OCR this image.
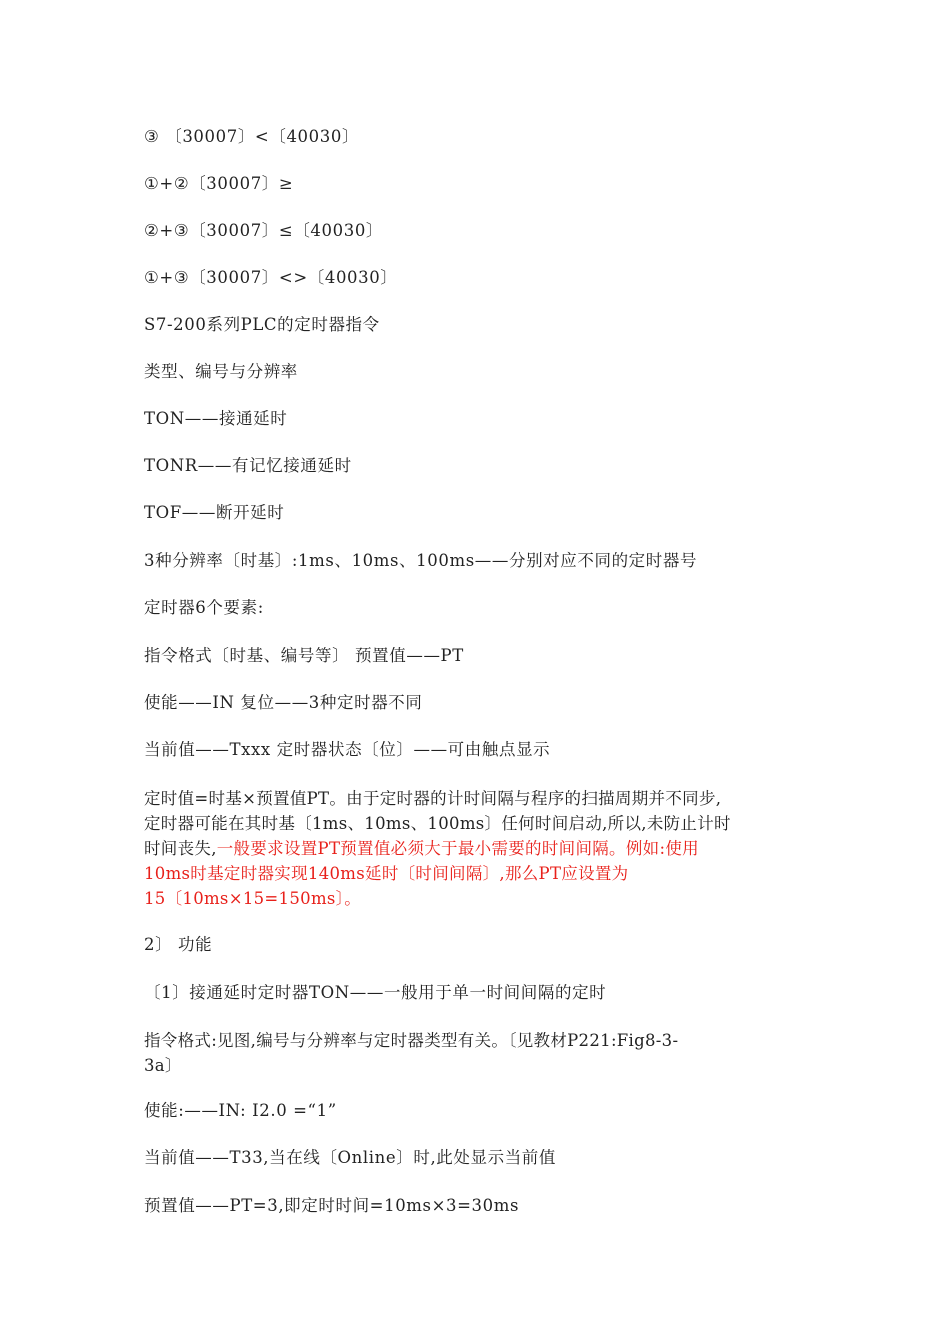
③ 〔30007〕<〔40030〕
①+②〔30007〕≥
②+③〔30007〕≤〔40030〕
①+③〔30007〕<>〔40030〕
S7-200系列PLC的定时器指令
类型、编号与分辨率
TON——接通延时
TONR——有记忆接通延时
TOF——断开延时
3种分辨率〔时基〕:1ms、10ms、100ms——分别对应不同的定时器号
定时器6个要素:
指令格式〔时基、编号等〕 预置值——PT
使能——IN 复位——3种定时器不同
当前值——Txxx 定时器状态〔位〕——可由触点显示
定时值=时基×预置值PT。由于定时器的计时间隔与程序的扫描周期并不同步,
定时器可能在其时基〔1ms、10ms、100ms〕任何时间启动,所以,未防止计时
时间丧失,一般要求设置PT预置值必须大于最小需要的时间间隔。例如:使用
10ms时基定时器实现140ms延时〔时间间隔〕,那么PT应设置为
15〔10ms×15=150ms〕。
2〕 功能
〔1〕接通延时定时器TON——一般用于单一时间间隔的定时
指令格式:见图,编号与分辨率与定时器类型有关。〔见教材P221:Fig8-3-
3a〕
使能:——IN: I2.0 =“1”
当前值——T33,当在线〔Online〕时,此处显示当前值
预置值——PT=3,即定时时间=10ms×3=30ms
